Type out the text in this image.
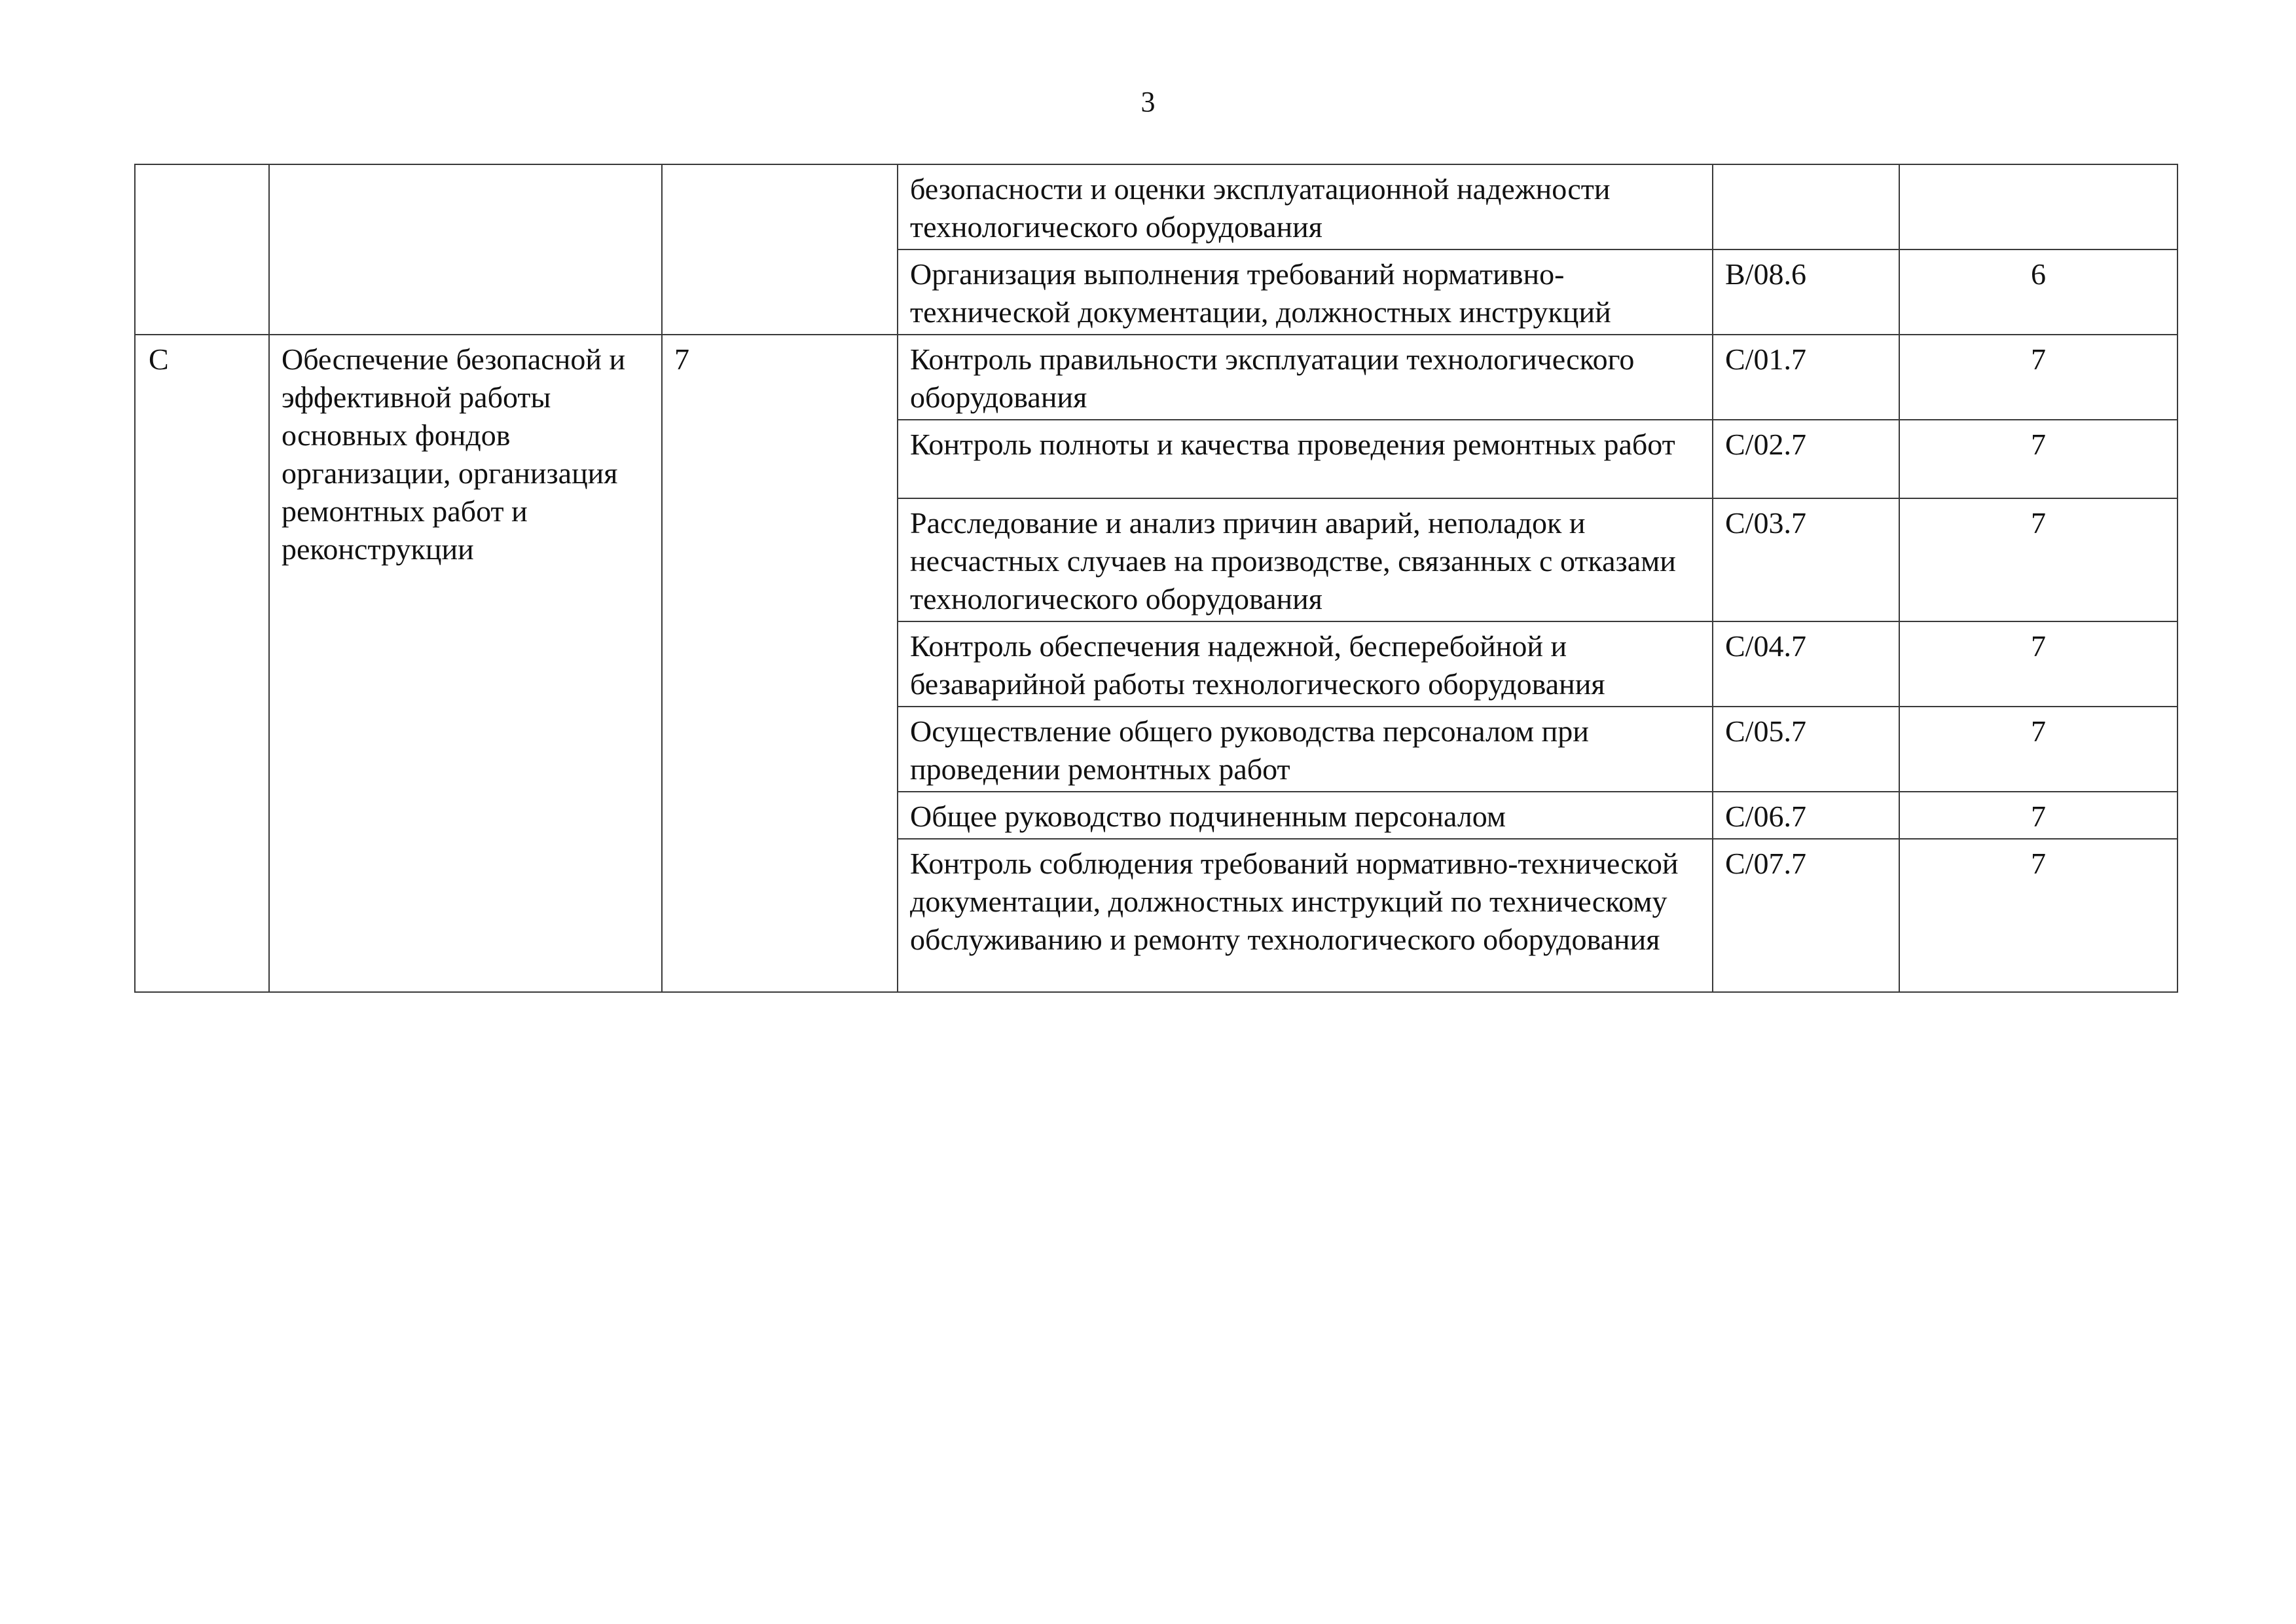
3
			безопасности и оценки эксплуатационной надежности технологического оборудования		
			Организация выполнения требований нормативно-технической документации, должностных инструкций	B/08.6	6
C	Обеспечение безопасной и эффективной работы основных фондов организации, организация ремонтных работ и реконструкции	7	Контроль правильности эксплуатации технологического оборудования	C/01.7	7
			Контроль полноты и качества проведения ремонтных работ	C/02.7	7
			Расследование и анализ причин аварий, неполадок и несчастных случаев на производстве, связанных с отказами технологического оборудования	C/03.7	7
			Контроль обеспечения надежной, бесперебойной и безаварийной работы технологического оборудования	C/04.7	7
			Осуществление общего руководства персоналом при проведении ремонтных работ	C/05.7	7
			Общее руководство подчиненным персоналом	C/06.7	7
			Контроль соблюдения требований нормативно-технической документации, должностных инструкций по техническому обслуживанию и ремонту технологического оборудования	C/07.7	7
